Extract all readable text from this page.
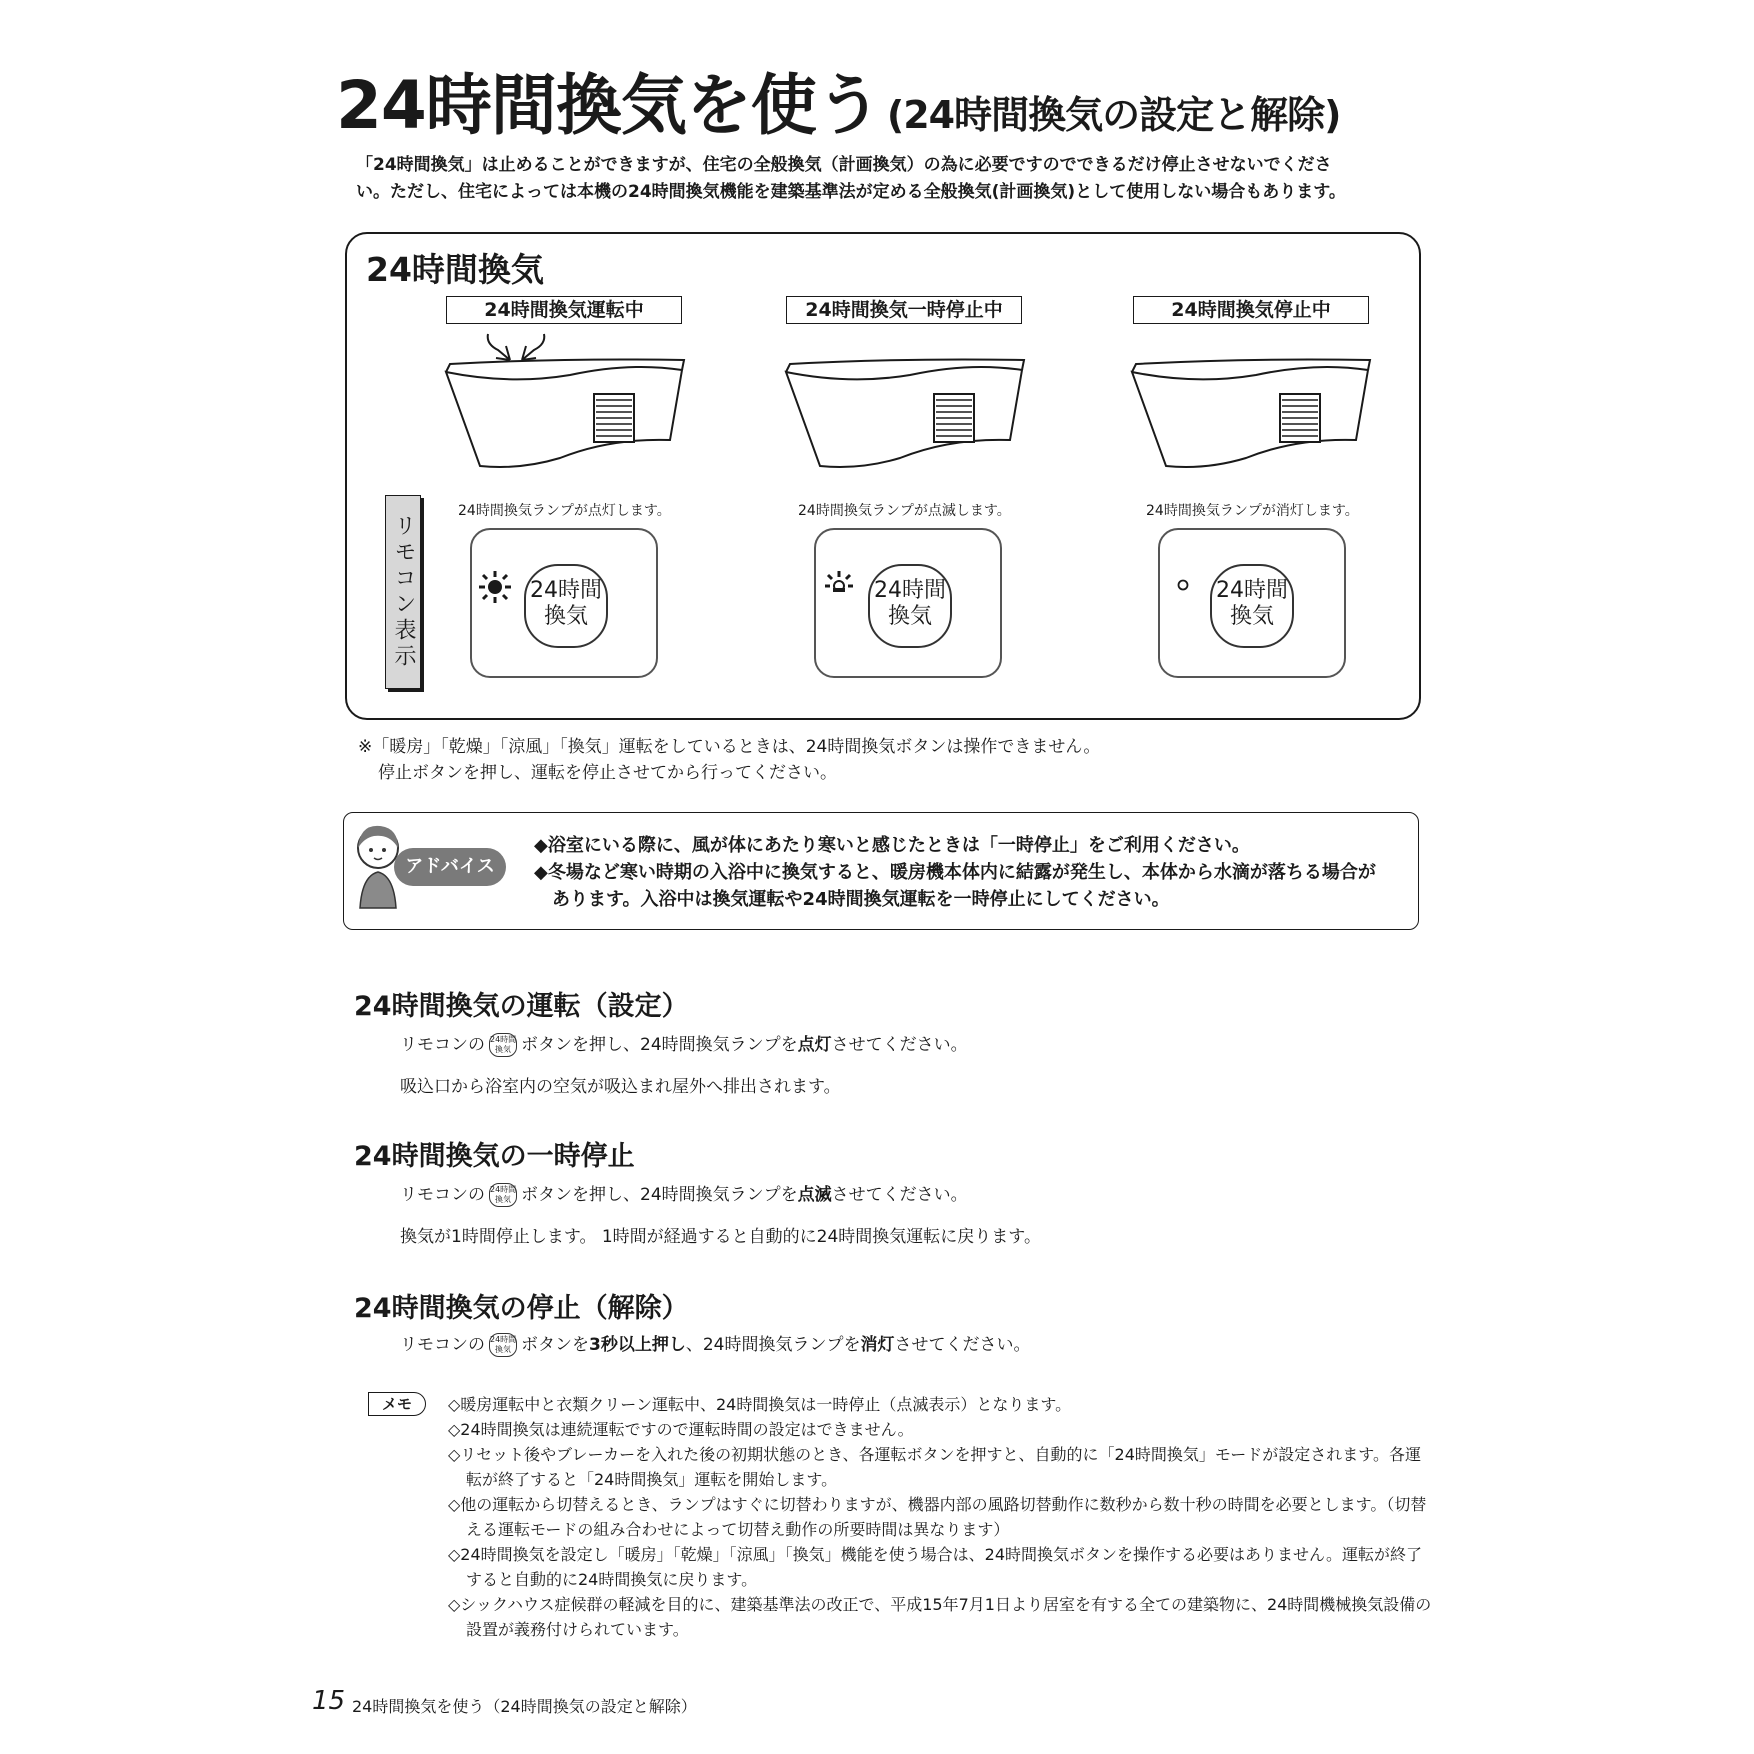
24時間換気を使う (24時間換気の設定と解除)
「24時間換気」は止めることができますが、住宅の全般換気（計画換気）の為に必要ですのでできるだけ停止させないでくださ
い。ただし、住宅によっては本機の24時間換気機能を建築基準法が定める全般換気(計画換気)として使用しない場合もあります。
24時間換気
24時間換気運転中	24時間換気一時停止中	24時間換気停止中
24時間換気ランプが点灯します。	24時間換気ランプが点滅します。	24時間換気ランプが消灯します。
リモコン表示	24時間
換気
24時間
換気
24時間
換気
※「暖房」「乾燥」「涼風」「換気」運転をしているときは、24時間換気ボタンは操作できません。
停止ボタンを押し、運転を停止させてから行ってください。
アドバイス
◆浴室にいる際に、風が体にあたり寒いと感じたときは「一時停止」をご利用ください。
◆冬場など寒い時期の入浴中に換気すると、暖房機本体内に結露が発生し、本体から水滴が落ちる場合が
あります。入浴中は換気運転や24時間換気運転を一時停止にしてください。
24時間換気の運転（設定）
リモコンの 24時間
換気 ボタンを押し、24時間換気ランプを点灯させてください。
吸込口から浴室内の空気が吸込まれ屋外へ排出されます。
24時間換気の一時停止
リモコンの 24時間
換気 ボタンを押し、24時間換気ランプを点滅させてください。
換気が1時間停止します。 1時間が経過すると自動的に24時間換気運転に戻ります。
24時間換気の停止（解除）
リモコンの 24時間
換気 ボタンを3秒以上押し、24時間換気ランプを消灯させてください。
メモ	◇暖房運転中と衣類クリーン運転中、24時間換気は一時停止（点滅表示）となります。

◇24時間換気は連続運転ですので運転時間の設定はできません。

◇リセット後やブレーカーを入れた後の初期状態のとき、各運転ボタンを押すと、自動的に「24時間換気」モードが設定されます。各運転が終了すると「24時間換気」運転を開始します。

◇他の運転から切替えるとき、ランプはすぐに切替わりますが、機器内部の風路切替動作に数秒から数十秒の時間を必要とします。（切替える運転モードの組み合わせによって切替え動作の所要時間は異なります）

◇24時間換気を設定し「暖房」「乾燥」「涼風」「換気」機能を使う場合は、24時間換気ボタンを操作する必要はありません。運転が終了すると自動的に24時間換気に戻ります。

◇シックハウス症候群の軽減を目的に、建築基準法の改正で、平成15年7月1日より居室を有する全ての建築物に、24時間機械換気設備の設置が義務付けられています。

15 24時間換気を使う（24時間換気の設定と解除）
